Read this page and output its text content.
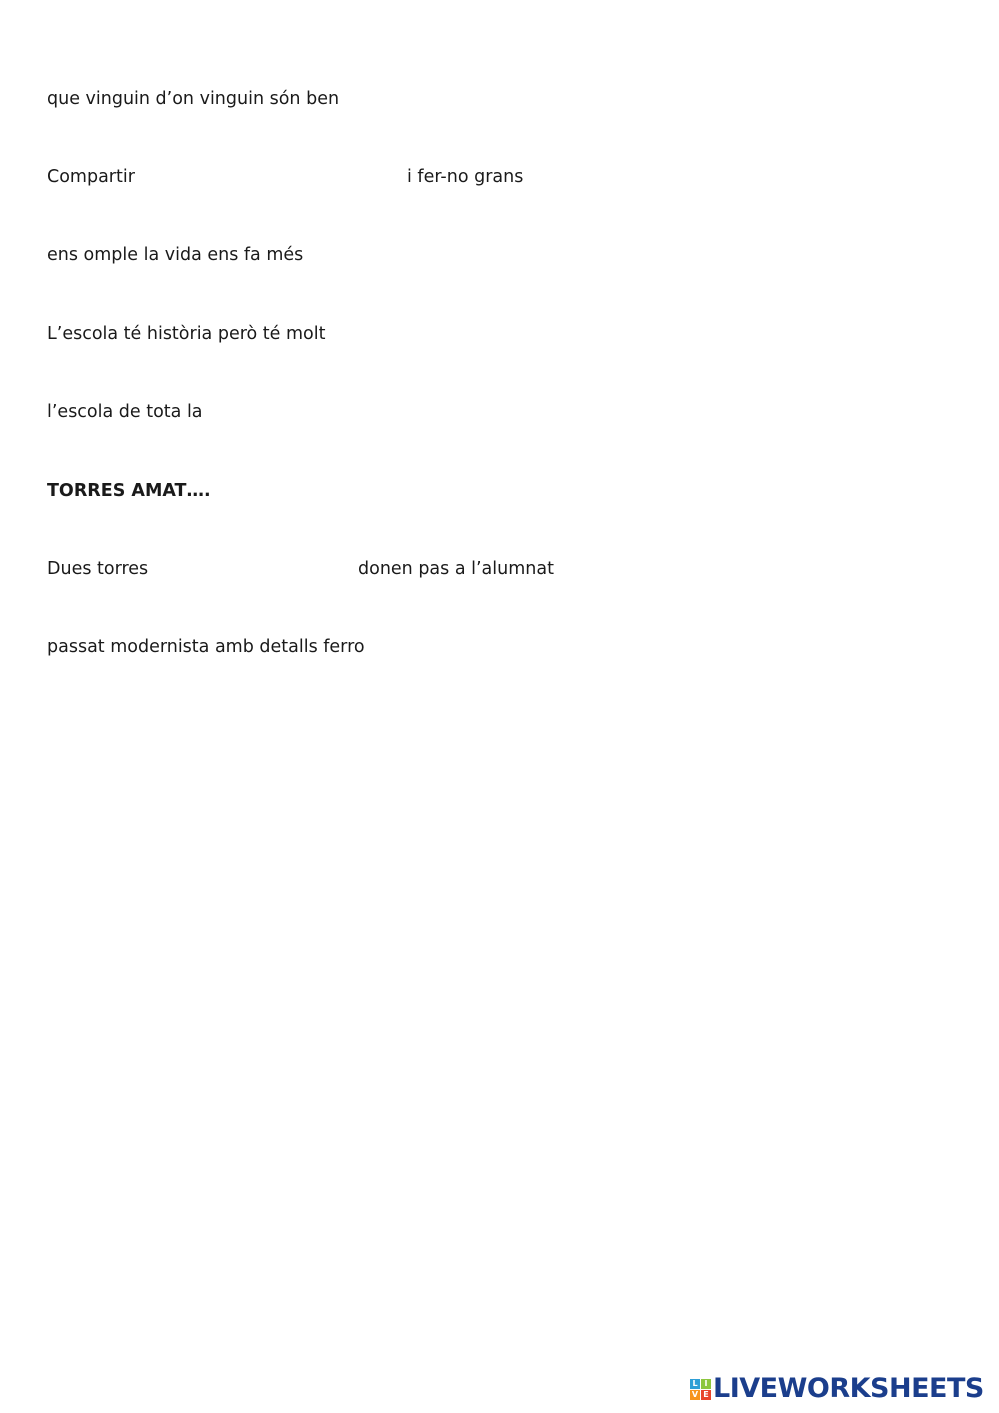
que vinguin d’on vinguin són ben
Compartir	i fer-no grans
ens omple la vida ens fa més
L’escola té història però té molt
l’escola de tota la
TORRES AMAT….
Dues torres	donen pas a l’alumnat
passat modernista amb detalls ferro
L I
V E LIVEWORKSHEETS
